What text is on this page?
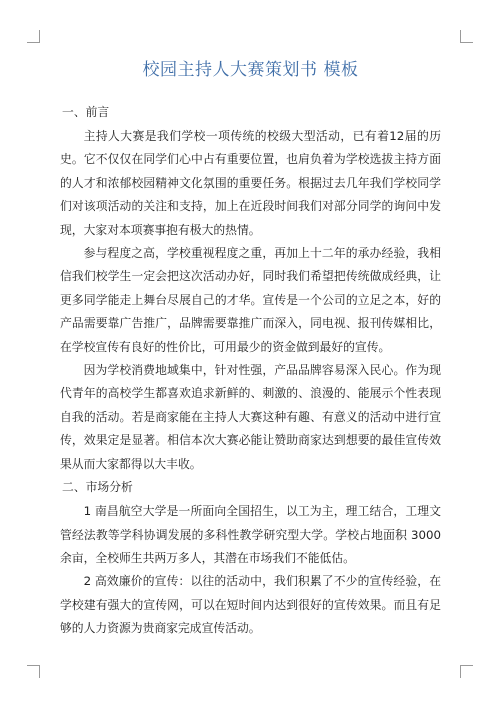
校园主持人大赛策划书 模板
一、前言

主持人大赛是我们学校一项传统的校级大型活动，已有着12届的历史。它不仅仅在同学们心中占有重要位置，也肩负着为学校选拔主持方面的人才和浓郁校园精神文化氛围的重要任务。根据过去几年我们学校同学们对该项活动的关注和支持，加上在近段时间我们对部分同学的询问中发现，大家对本项赛事抱有极大的热情。

参与程度之高，学校重视程度之重，再加上十二年的承办经验，我相信我们校学生一定会把这次活动办好，同时我们希望把传统做成经典，让更多同学能走上舞台尽展自己的才华。宣传是一个公司的立足之本，好的产品需要靠广告推广，品牌需要靠推广而深入，同电视、报刊传媒相比，在学校宣传有良好的性价比，可用最少的资金做到最好的宣传。

因为学校消费地域集中，针对性强，产品品牌容易深入民心。作为现代青年的高校学生都喜欢追求新鲜的、刺激的、浪漫的、能展示个性表现自我的活动。若是商家能在主持人大赛这种有趣、有意义的活动中进行宣传，效果定是显著。相信本次大赛必能让赞助商家达到想要的最佳宣传效果从而大家都得以大丰收。

二、市场分析

1 南昌航空大学是一所面向全国招生，以工为主，理工结合，工理文管经法教等学科协调发展的多科性教学研究型大学。学校占地面积 3000 余亩，全校师生共两万多人，其潜在市场我们不能低估。

2 高效廉价的宣传：以往的活动中，我们积累了不少的宣传经验，在学校建有强大的宣传网，可以在短时间内达到很好的宣传效果。而且有足够的人力资源为贵商家完成宣传活动。
